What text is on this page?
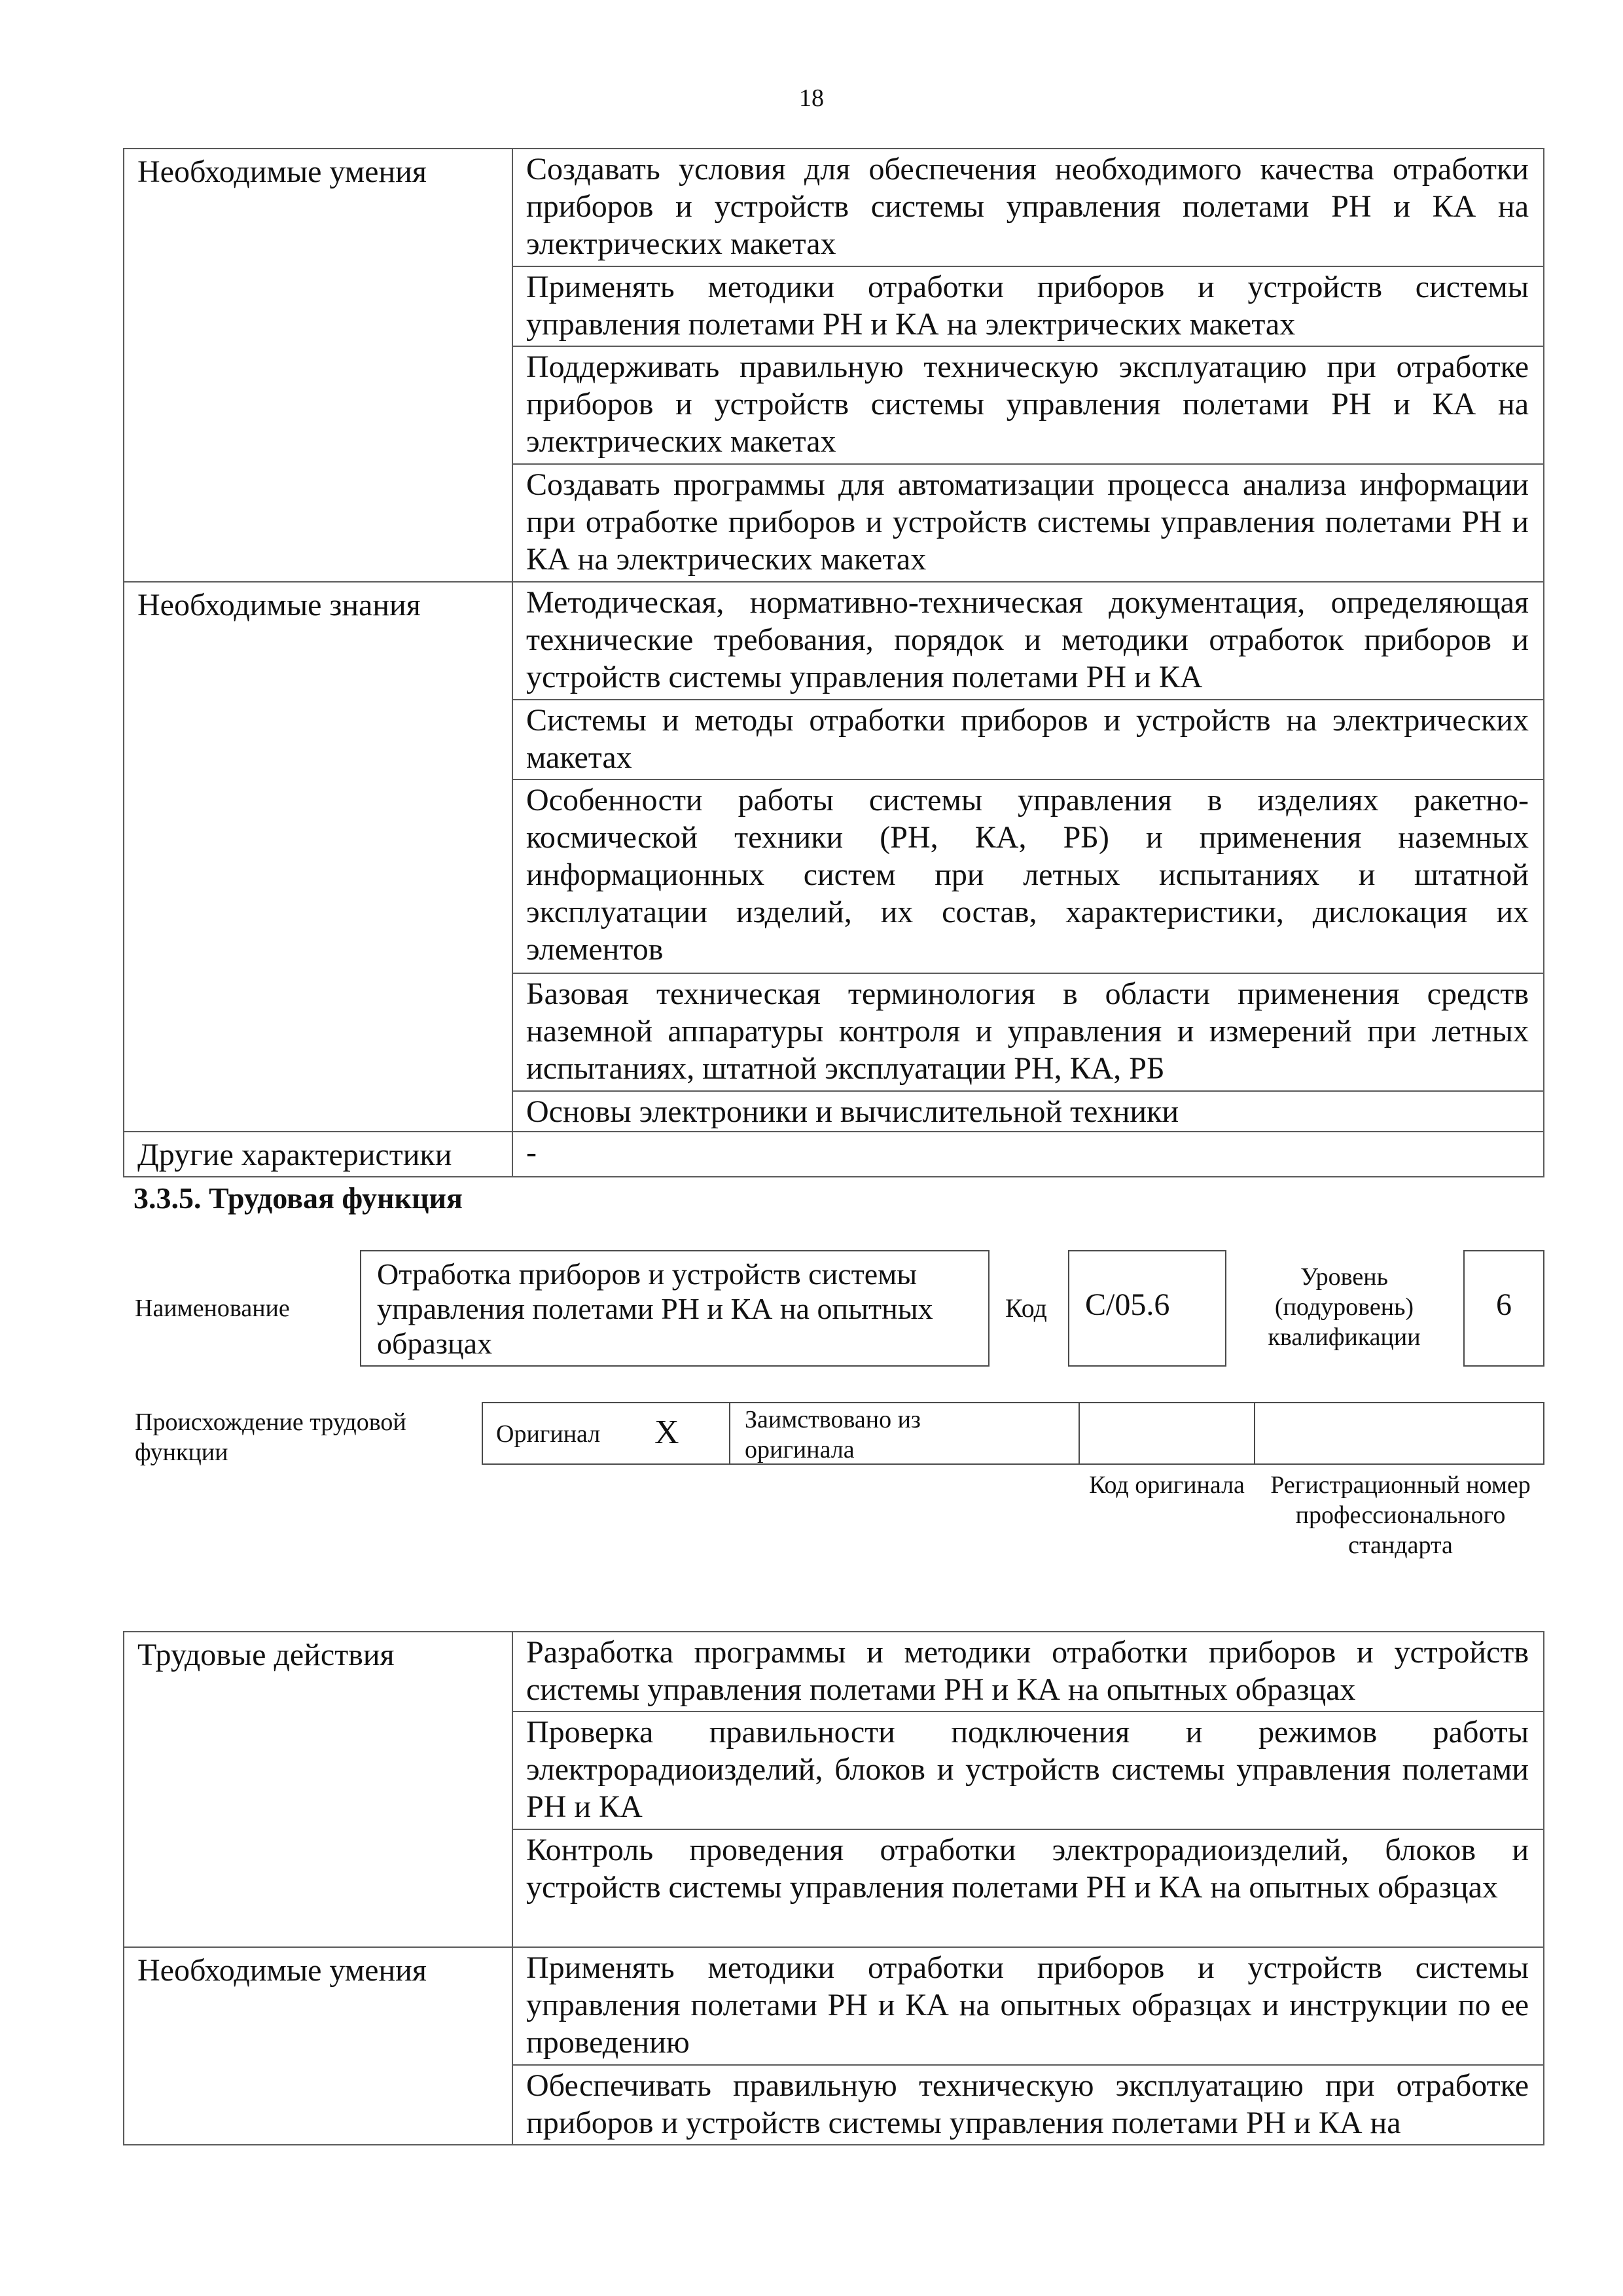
18
Необходимые умения	Создавать условия для обеспечения необходимого качества отработки приборов и устройств системы управления полетами РН и КА на электрических макетах
	Применять методики отработки приборов и устройств системы управления полетами РН и КА на электрических макетах
	Поддерживать правильную техническую эксплуатацию при отработке приборов и устройств системы управления полетами РН и КА на электрических макетах
	Создавать программы для автоматизации процесса анализа информации при отработке приборов и устройств системы управления полетами РН и КА на электрических макетах
Необходимые знания	Методическая, нормативно-техническая документация, определяющая технические требования, порядок и методики отработок приборов и устройств системы управления полетами РН и КА
	Системы и методы отработки приборов и устройств на электрических макетах
	Особенности работы системы управления в изделиях ракетно-космической техники (РН, КА, РБ) и применения наземных информационных систем при летных испытаниях и штатной эксплуатации изделий, их состав, характеристики, дислокация их элементов
	Базовая техническая терминология в области применения средств наземной аппаратуры контроля и управления и измерений при летных испытаниях, штатной эксплуатации РН, КА, РБ
	Основы электроники и вычислительной техники
Другие характеристики	-
3.3.5. Трудовая функция
Наименование
Отработка приборов и устройств системы управления полетами РН и КА на опытных образцах
Код C/05.6
Уровень (подуровень) квалификации
6
Происхождение трудовой функции
Оригинал X	Заимствовано из оригинала
Код оригинала	Регистрационный номер профессионального стандарта
Трудовые действия	Разработка программы и методики отработки приборов и устройств системы управления полетами РН и КА на опытных образцах
	Проверка правильности подключения и режимов работы электрорадиоизделий, блоков и устройств системы управления полетами РН и КА
	Контроль проведения отработки электрорадиоизделий, блоков и устройств системы управления полетами РН и КА на опытных образцах
Необходимые умения	Применять методики отработки приборов и устройств системы управления полетами РН и КА на опытных образцах и инструкции по ее проведению
	Обеспечивать правильную техническую эксплуатацию при отработке приборов и устройств системы управления полетами РН и КА на
